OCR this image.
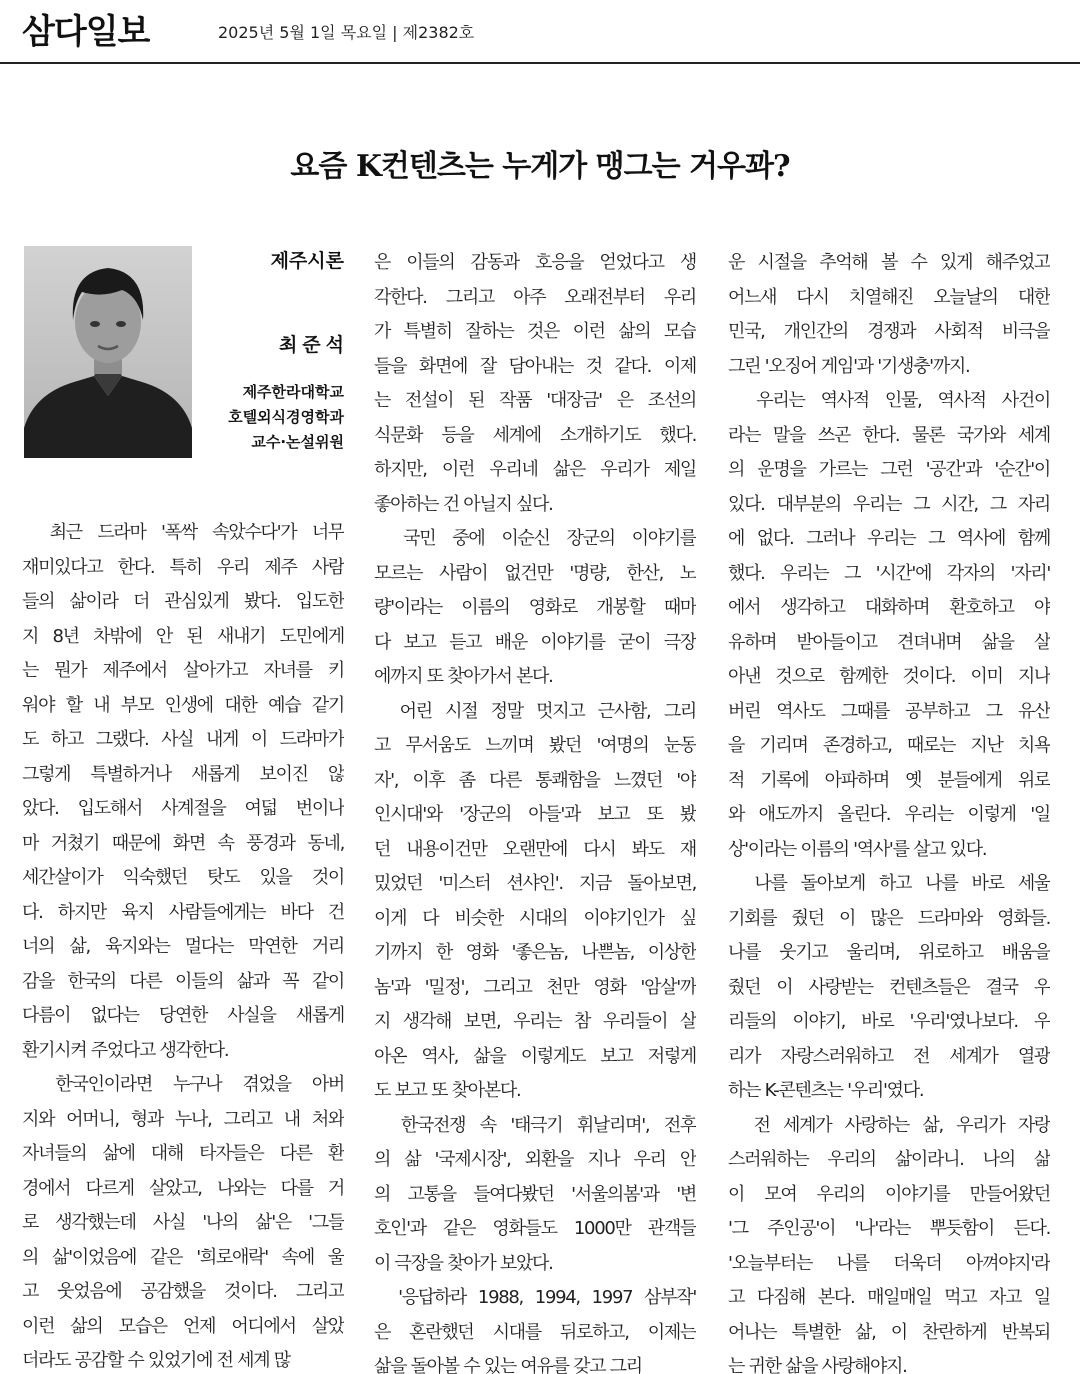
삼다일보	2025년 5월 1일 목요일 | 제2382호
요즘 K컨텐츠는 누게가 맹그는 거우꽈?
제주시론
최준석
제주한라대학교
호텔외식경영학과
교수·논설위원
　최근 드라마 '폭싹 속았수다'가 너무
재미있다고 한다. 특히 우리 제주 사람
들의 삶이라 더 관심있게 봤다. 입도한
지 8년 차밖에 안 된 새내기 도민에게
는 뭔가 제주에서 살아가고 자녀를 키
워야 할 내 부모 인생에 대한 예습 같기
도 하고 그랬다. 사실 내게 이 드라마가
그렇게 특별하거나 새롭게 보이진 않
았다. 입도해서 사계절을 여덟 번이나
마 거쳤기 때문에 화면 속 풍경과 동네,
세간살이가 익숙했던 탓도 있을 것이
다. 하지만 육지 사람들에게는 바다 건
너의 삶, 육지와는 멀다는 막연한 거리
감을 한국의 다른 이들의 삶과 꼭 같이
다름이 없다는 당연한 사실을 새롭게
환기시켜 주었다고 생각한다.
　한국인이라면 누구나 겪었을 아버
지와 어머니, 형과 누나, 그리고 내 처와
자녀들의 삶에 대해 타자들은 다른 환
경에서 다르게 살았고, 나와는 다를 거
로 생각했는데 사실 '나의 삶'은 '그들
의 삶'이었음에 같은 '희로애락' 속에 울
고 웃었음에 공감했을 것이다. 그리고
이런 삶의 모습은 언제 어디에서 살았
더라도 공감할 수 있었기에 전 세계 많
은 이들의 감동과 호응을 얻었다고 생
각한다. 그리고 아주 오래전부터 우리
가 특별히 잘하는 것은 이런 삶의 모습
들을 화면에 잘 담아내는 것 같다. 이제
는 전설이 된 작품 '대장금' 은 조선의
식문화 등을 세계에 소개하기도 했다.
하지만, 이런 우리네 삶은 우리가 제일
좋아하는 건 아닐지 싶다.
　국민 중에 이순신 장군의 이야기를
모르는 사람이 없건만 '명량, 한산, 노
량'이라는 이름의 영화로 개봉할 때마
다 보고 듣고 배운 이야기를 굳이 극장
에까지 또 찾아가서 본다.
　어린 시절 정말 멋지고 근사함, 그리
고 무서움도 느끼며 봤던 '여명의 눈동
자', 이후 좀 다른 통쾌함을 느꼈던 '야
인시대'와 '장군의 아들'과 보고 또 봤
던 내용이건만 오랜만에 다시 봐도 재
밌었던 '미스터 션샤인'. 지금 돌아보면,
이게 다 비슷한 시대의 이야기인가 싶
기까지 한 영화 '좋은놈, 나쁜놈, 이상한
놈'과 '밀정', 그리고 천만 영화 '암살'까
지 생각해 보면, 우리는 참 우리들이 살
아온 역사, 삶을 이렇게도 보고 저렇게
도 보고 또 찾아본다.
　한국전쟁 속 '태극기 휘날리며', 전후
의 삶 '국제시장', 외환을 지나 우리 안
의 고통을 들여다봤던 '서울의봄'과 '변
호인'과 같은 영화들도 1000만 관객들
이 극장을 찾아가 보았다.
　'응답하라 1988, 1994, 1997 삼부작'
은 혼란했던 시대를 뒤로하고, 이제는
삶을 돌아볼 수 있는 여유를 갖고 그리
운 시절을 추억해 볼 수 있게 해주었고
어느새 다시 치열해진 오늘날의 대한
민국, 개인간의 경쟁과 사회적 비극을
그린 '오징어 게임'과 '기생충'까지.
　우리는 역사적 인물, 역사적 사건이
라는 말을 쓰곤 한다. 물론 국가와 세계
의 운명을 가르는 그런 '공간'과 '순간'이
있다. 대부분의 우리는 그 시간, 그 자리
에 없다. 그러나 우리는 그 역사에 함께
했다. 우리는 그 '시간'에 각자의 '자리'
에서 생각하고 대화하며 환호하고 야
유하며 받아들이고 견뎌내며 삶을 살
아낸 것으로 함께한 것이다. 이미 지나
버린 역사도 그때를 공부하고 그 유산
을 기리며 존경하고, 때로는 지난 치욕
적 기록에 아파하며 옛 분들에게 위로
와 애도까지 올린다. 우리는 이렇게 '일
상'이라는 이름의 '역사'를 살고 있다.
　나를 돌아보게 하고 나를 바로 세울
기회를 줬던 이 많은 드라마와 영화들.
나를 웃기고 울리며, 위로하고 배움을
줬던 이 사랑받는 컨텐츠들은 결국 우
리들의 이야기, 바로 '우리'였나보다. 우
리가 자랑스러워하고 전 세계가 열광
하는 K-콘텐츠는 '우리'였다.
　전 세계가 사랑하는 삶, 우리가 자랑
스러워하는 우리의 삶이라니. 나의 삶
이 모여 우리의 이야기를 만들어왔던
'그 주인공'이 '나'라는 뿌듯함이 든다.
'오늘부터는 나를 더욱더 아껴야지'라
고 다짐해 본다. 매일매일 먹고 자고 일
어나는 특별한 삶, 이 찬란하게 반복되
는 귀한 삶을 사랑해야지.
